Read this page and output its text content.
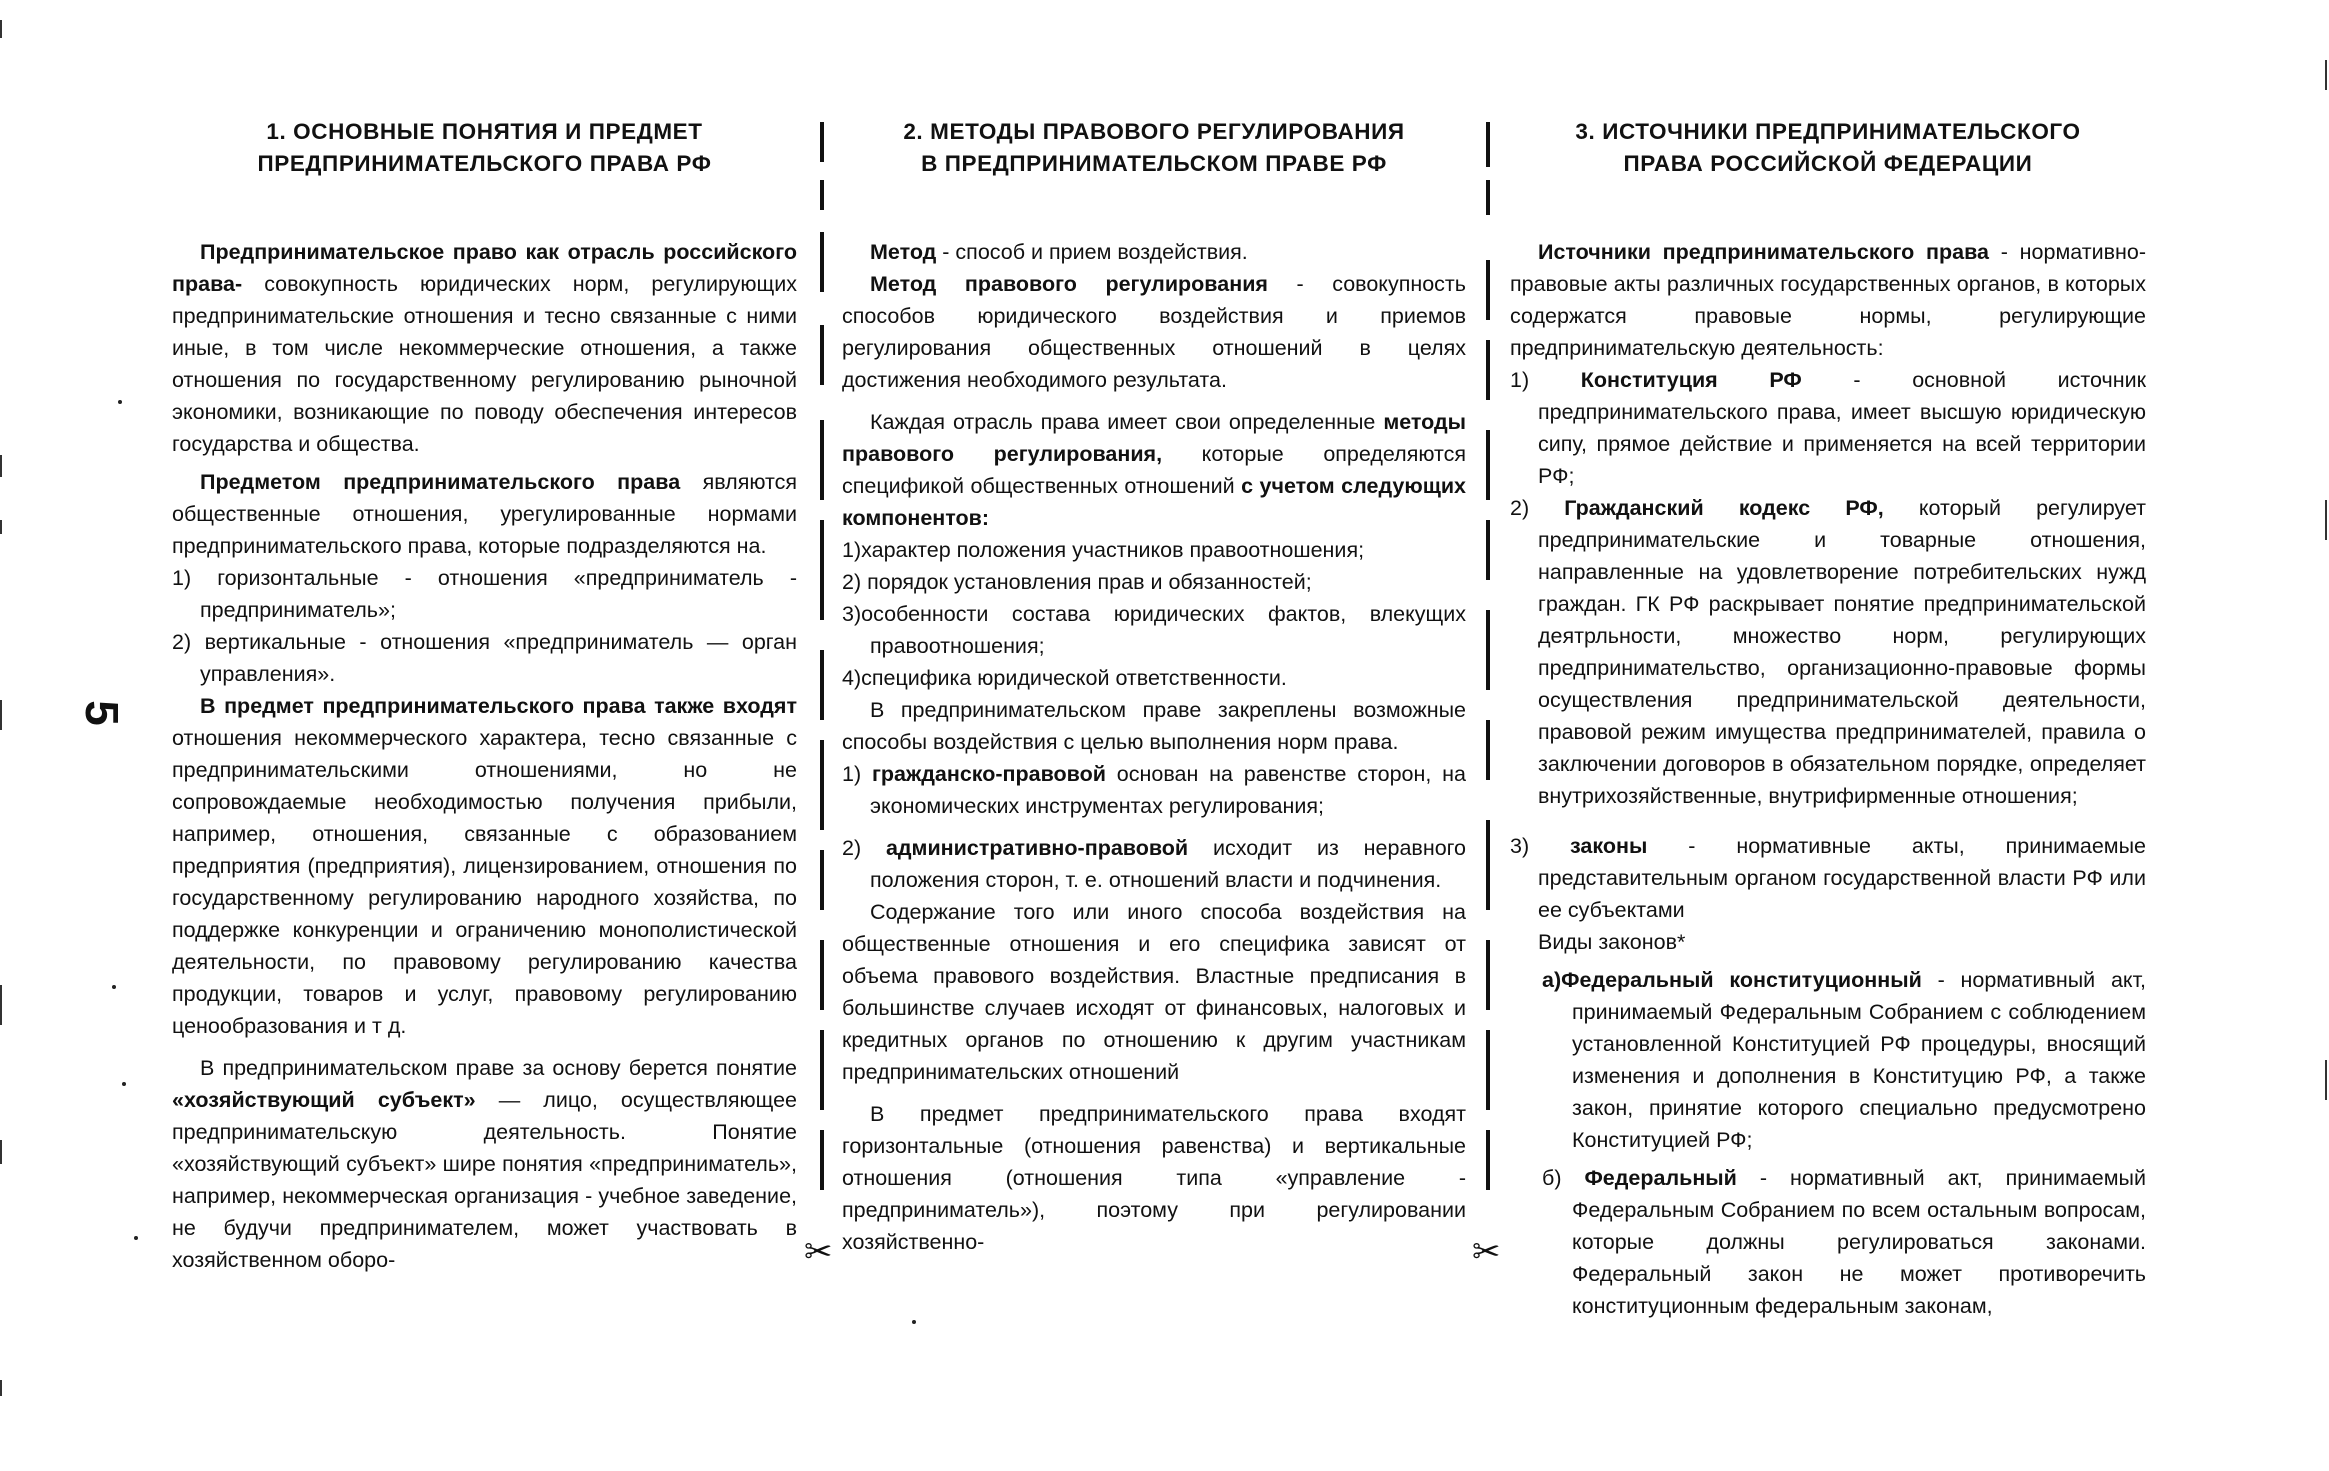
5
✂	✂
1. ОСНОВНЫЕ ПОНЯТИЯ И ПРЕДМЕТ
ПРЕДПРИНИМАТЕЛЬСКОГО ПРАВА РФ

Предпринимательское право как отрасль российского права- совокупность юридических норм, регулирующих предпринимательские отношения и тесно связанные с ними иные, в том числе некоммерческие отношения, а также отношения по государственному регулированию рыночной экономики, возникающие по поводу обеспечения интересов государства и общества.

Предметом предпринимательского права являются общественные отношения, урегулированные нормами предпринимательского права, которые подразделяются на.

1) горизонтальные - отношения «предприниматель - предприниматель»;

2) вертикальные - отношения «предприниматель — орган управления».

В предмет предпринимательского права также входят отношения некоммерческого характера, тесно связанные с предпринимательскими отношениями, но не сопровождаемые необходимостью получения прибыли, например, отношения, связанные с образованием предприятия (предприятия), лицензированием, отношения по государственному регулированию народного хозяйства, по поддержке конкуренции и ограничению монополистической деятельности, по правовому регулированию качества продукции, товаров и услуг, правовому регулированию ценообразования и т д.

В предпринимательском праве за основу берется понятие «хозяйствующий субъект» — лицо, осуществляющее предпринимательскую деятельность. Понятие «хозяйствующий субъект» шире понятия «предприниматель», например, некоммерческая организация - учебное заведение, не будучи предпринимателем, может участвовать в хозяйственном оборо-

2. МЕТОДЫ ПРАВОВОГО РЕГУЛИРОВАНИЯ
В ПРЕДПРИНИМАТЕЛЬСКОМ ПРАВЕ РФ

Метод - способ и прием воздействия.

Метод правового регулирования - совокупность способов юридического воздействия и приемов регулирования общественных отношений в целях достижения необходимого результата.

Каждая отрасль права имеет свои определенные методы правового регулирования, которые определяются спецификой общественных отношений с учетом следующих компонентов:

1)характер положения участников правоотношения;

2) порядок установления прав и обязанностей;

3)особенности состава юридических фактов, влекущих правоотношения;

4)специфика юридической ответственности.

В предпринимательском праве закреплены возможные способы воздействия с целью выполнения норм права.

1) гражданско-правовой основан на равенстве сторон, на экономических инструментах регулирования;

2) административно-правовой исходит из неравного положения сторон, т. е. отношений власти и подчинения.

Содержание того или иного способа воздействия на общественные отношения и его специфика зависят от объема правового воздействия. Властные предписания в большинстве случаев исходят от финансовых, налоговых и кредитных органов по отношению к другим участникам предпринимательских отношений

В предмет предпринимательского права входят горизонтальные (отношения равенства) и вертикальные отношения (отношения типа «управление - предприниматель»), поэтому при регулировании хозяйственно-

3. ИСТОЧНИКИ ПРЕДПРИНИМАТЕЛЬСКОГО
ПРАВА РОССИЙСКОЙ ФЕДЕРАЦИИ

Источники предпринимательского права - нормативно-правовые акты различных государственных органов, в которых содержатся правовые нормы, регулирующие предпринимательскую деятельность:

1) Конституция РФ - основной источник предпринимательского права, имеет высшую юридическую сипу, прямое действие и применяется на всей территории РФ;

2) Гражданский кодекс РФ, который регулирует предпринимательские и товарные отношения, направленные на удовлетворение потребительских нужд граждан. ГК РФ раскрывает понятие предпринимательской деятрльности, множество норм, регулирующих предпринимательство, организационно-правовые формы осуществления предпринимательской деятельности, правовой режим имущества предпринимателей, правила о заключении договоров в обязательном порядке, определяет внутрихозяйственные, внутрифирменные отношения;

3) законы - нормативные акты, принимаемые представительным органом государственной власти РФ или ее субъектами

Виды законов*

а)Федеральный конституционный - нормативный акт, принимаемый Федеральным Собранием с соблюдением установленной Конституцией РФ процедуры, вносящий изменения и дополнения в Конституцию РФ, а также закон, принятие которого специально предусмотрено Конституцией РФ;

б) Федеральный - нормативный акт, принимаемый Федеральным Собранием по всем остальным вопросам, которые должны регулироваться законами. Федеральный закон не может противоречить конституционным федеральным законам,
